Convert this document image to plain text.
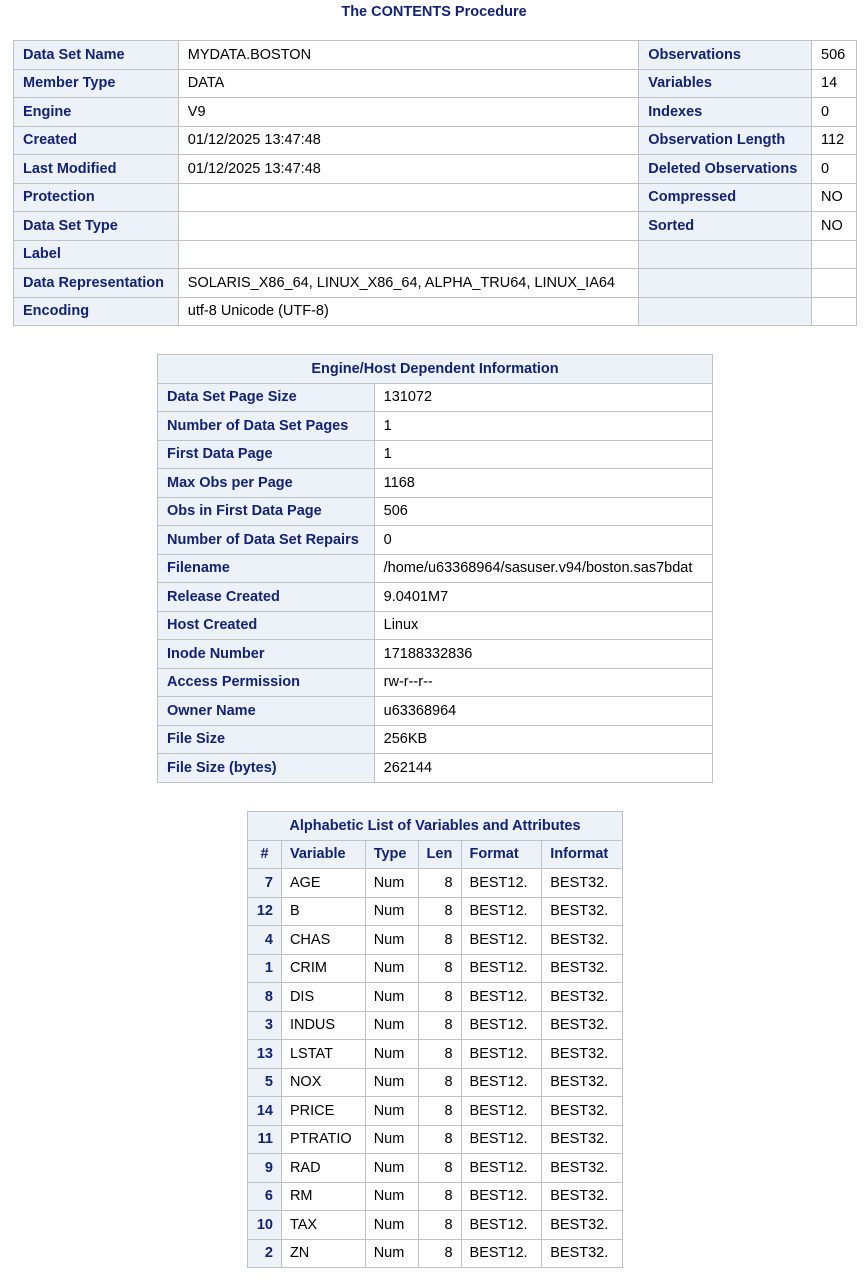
The CONTENTS Procedure
Data Set Name	MYDATA.BOSTON	Observations	506
Member Type	DATA	Variables	14
Engine	V9	Indexes	0
Created	01/12/2025 13:47:48	Observation Length	112
Last Modified	01/12/2025 13:47:48	Deleted Observations	0
Protection		Compressed	NO
Data Set Type		Sorted	NO
Label			
Data Representation	SOLARIS_X86_64, LINUX_X86_64, ALPHA_TRU64, LINUX_IA64		
Encoding	utf-8 Unicode (UTF-8)		
Engine/Host Dependent Information	
Data Set Page Size	131072
Number of Data Set Pages	1
First Data Page	1
Max Obs per Page	1168
Obs in First Data Page	506
Number of Data Set Repairs	0
Filename	/home/u63368964/sasuser.v94/boston.sas7bdat
Release Created	9.0401M7
Host Created	Linux
Inode Number	17188332836
Access Permission	rw-r--r--
Owner Name	u63368964
File Size	256KB
File Size (bytes)	262144
Alphabetic List of Variables and Attributes					
#	Variable	Type	Len	Format	Informat
7	AGE	Num	8	BEST12.	BEST32.
12	B	Num	8	BEST12.	BEST32.
4	CHAS	Num	8	BEST12.	BEST32.
1	CRIM	Num	8	BEST12.	BEST32.
8	DIS	Num	8	BEST12.	BEST32.
3	INDUS	Num	8	BEST12.	BEST32.
13	LSTAT	Num	8	BEST12.	BEST32.
5	NOX	Num	8	BEST12.	BEST32.
14	PRICE	Num	8	BEST12.	BEST32.
11	PTRATIO	Num	8	BEST12.	BEST32.
9	RAD	Num	8	BEST12.	BEST32.
6	RM	Num	8	BEST12.	BEST32.
10	TAX	Num	8	BEST12.	BEST32.
2	ZN	Num	8	BEST12.	BEST32.
